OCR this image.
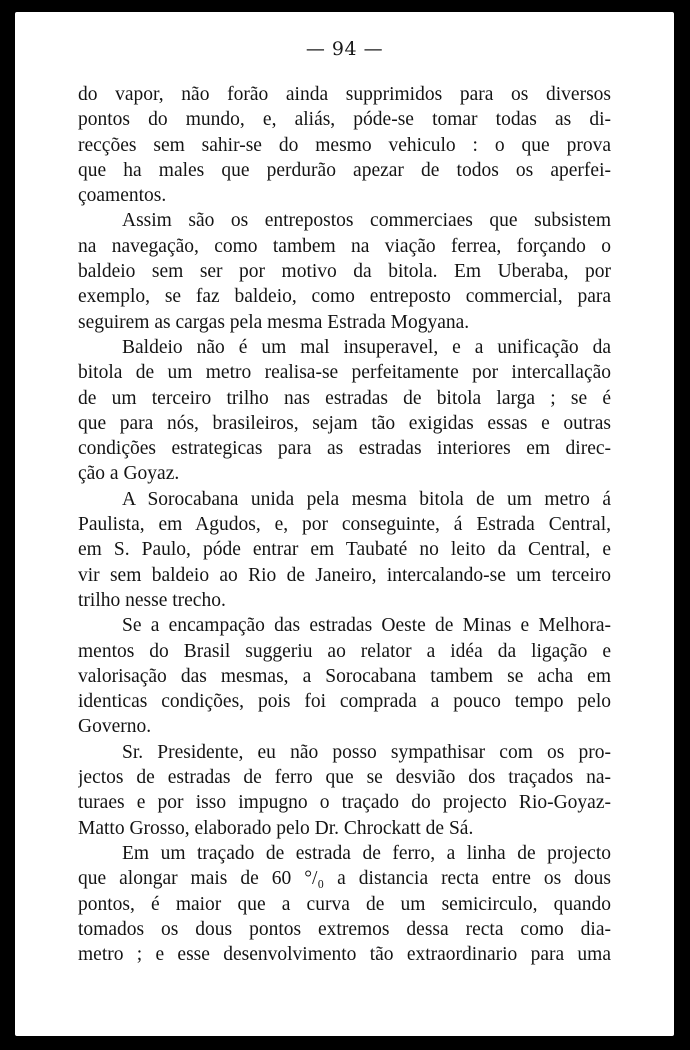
— 94 —
do vapor, não forão ainda supprimidos para os diversos
pontos do mundo, e, aliás, póde-se tomar todas as di-
recções sem sahir-se do mesmo vehiculo : o que prova
que ha males que perdurão apezar de todos os aperfei-
çoamentos.
Assim são os entrepostos commerciaes que subsistem
na navegação, como tambem na viação ferrea, forçando o
baldeio sem ser por motivo da bitola. Em Uberaba, por
exemplo, se faz baldeio, como entreposto commercial, para
seguirem as cargas pela mesma Estrada Mogyana.
Baldeio não é um mal insuperavel, e a unificação da
bitola de um metro realisa-se perfeitamente por intercallação
de um terceiro trilho nas estradas de bitola larga ; se é
que para nós, brasileiros, sejam tão exigidas essas e outras
condições estrategicas para as estradas interiores em direc-
ção a Goyaz.
A Sorocabana unida pela mesma bitola de um metro á
Paulista, em Agudos, e, por conseguinte, á Estrada Central,
em S. Paulo, póde entrar em Taubaté no leito da Central, e
vir sem baldeio ao Rio de Janeiro, intercalando-se um terceiro
trilho nesse trecho.
Se a encampação das estradas Oeste de Minas e Melhora-
mentos do Brasil suggeriu ao relator a idéa da ligação e
valorisação das mesmas, a Sorocabana tambem se acha em
identicas condições, pois foi comprada a pouco tempo pelo
Governo.
Sr. Presidente, eu não posso sympathisar com os pro-
jectos de estradas de ferro que se desvião dos traçados na-
turaes e por isso impugno o traçado do projecto Rio-Goyaz-
Matto Grosso, elaborado pelo Dr. Chrockatt de Sá.
Em um traçado de estrada de ferro, a linha de projecto
que alongar mais de 60 °/₀ a distancia recta entre os dous
pontos, é maior que a curva de um semicirculo, quando
tomados os dous pontos extremos dessa recta como dia-
metro ; e esse desenvolvimento tão extraordinario para uma
